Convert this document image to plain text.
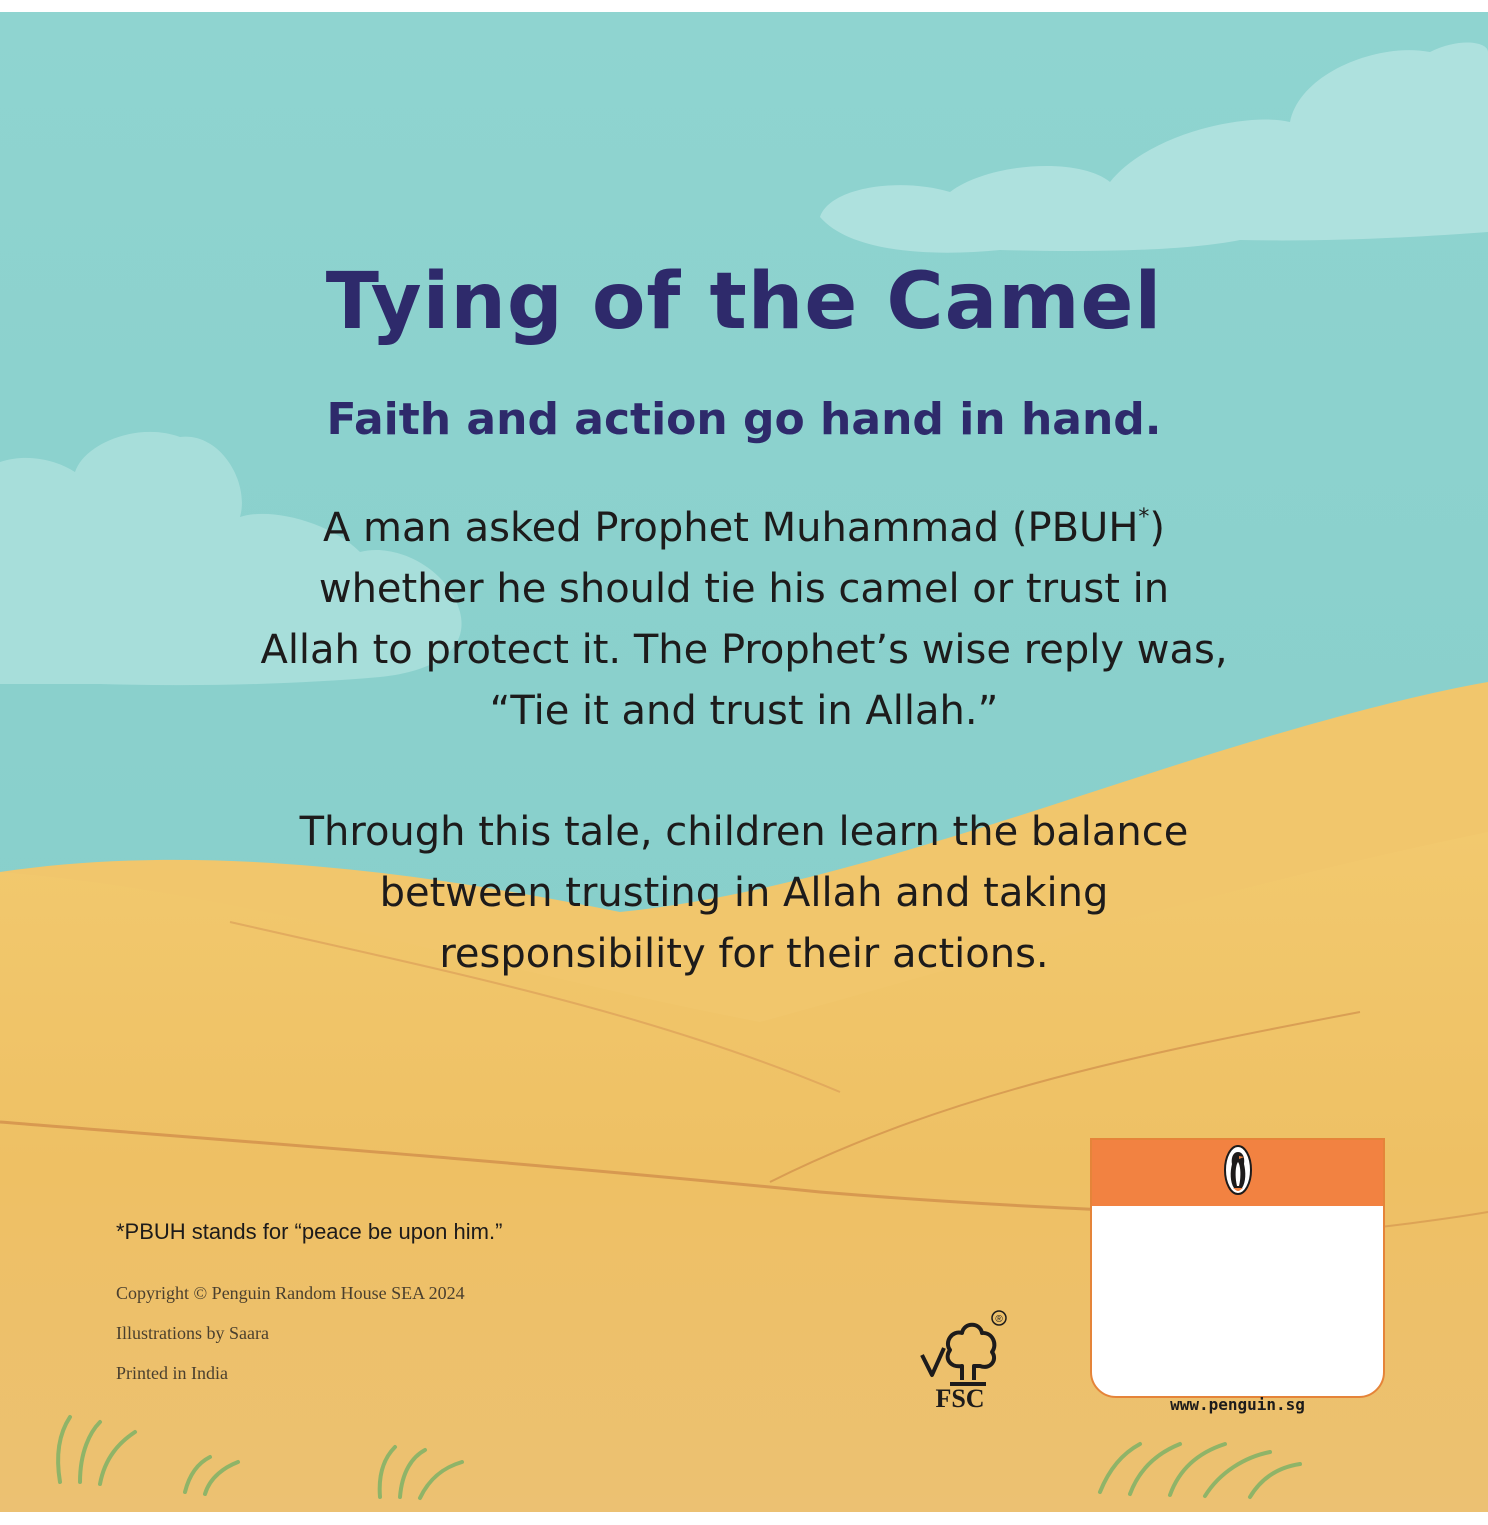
Tying of the Camel
Faith and action go hand in hand.
A man asked Prophet Muhammad (PBUH*)
whether he should tie his camel or trust in
Allah to protect it. The Prophet’s wise reply was,
“Tie it and trust in Allah.”
Through this tale, children learn the balance
between trusting in Allah and taking
responsibility for their actions.
*PBUH stands for “peace be upon him.”
Copyright © Penguin Random House SEA 2024
Illustrations by Saara
Printed in India
®
FSC	www.penguin.sg
